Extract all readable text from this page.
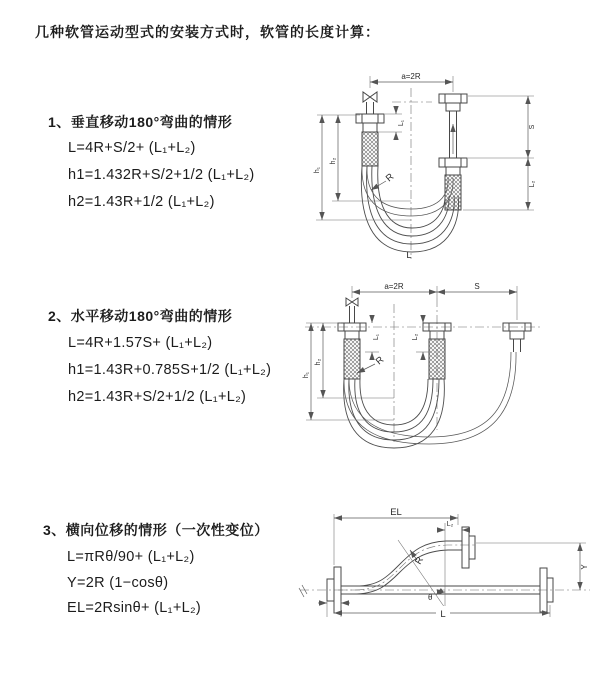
几种软管运动型式的安装方式时，软管的长度计算：
1、垂直移动180°弯曲的情形
L=4R+S/2+ (L₁+L₂)
h1=1.432R+S/2+1/2 (L₁+L₂)
h2=1.43R+1/2 (L₁+L₂)
2、水平移动180°弯曲的情形
L=4R+1.57S+ (L₁+L₂)
h1=1.43R+0.785S+1/2 (L₁+L₂)
h2=1.43R+S/2+1/2 (L₁+L₂)
3、横向位移的情形（一次性变位）
L=πRθ/90+ (L₁+L₂)
Y=2R (1−cosθ)
EL=2Rsinθ+ (L₁+L₂)
a=2R
S
L₂
L₁
h₂
h₁
R
L
a=2R	S
L₁	L₂
h₂
h₁
R
EL
L₂
θ
R
Y
L
